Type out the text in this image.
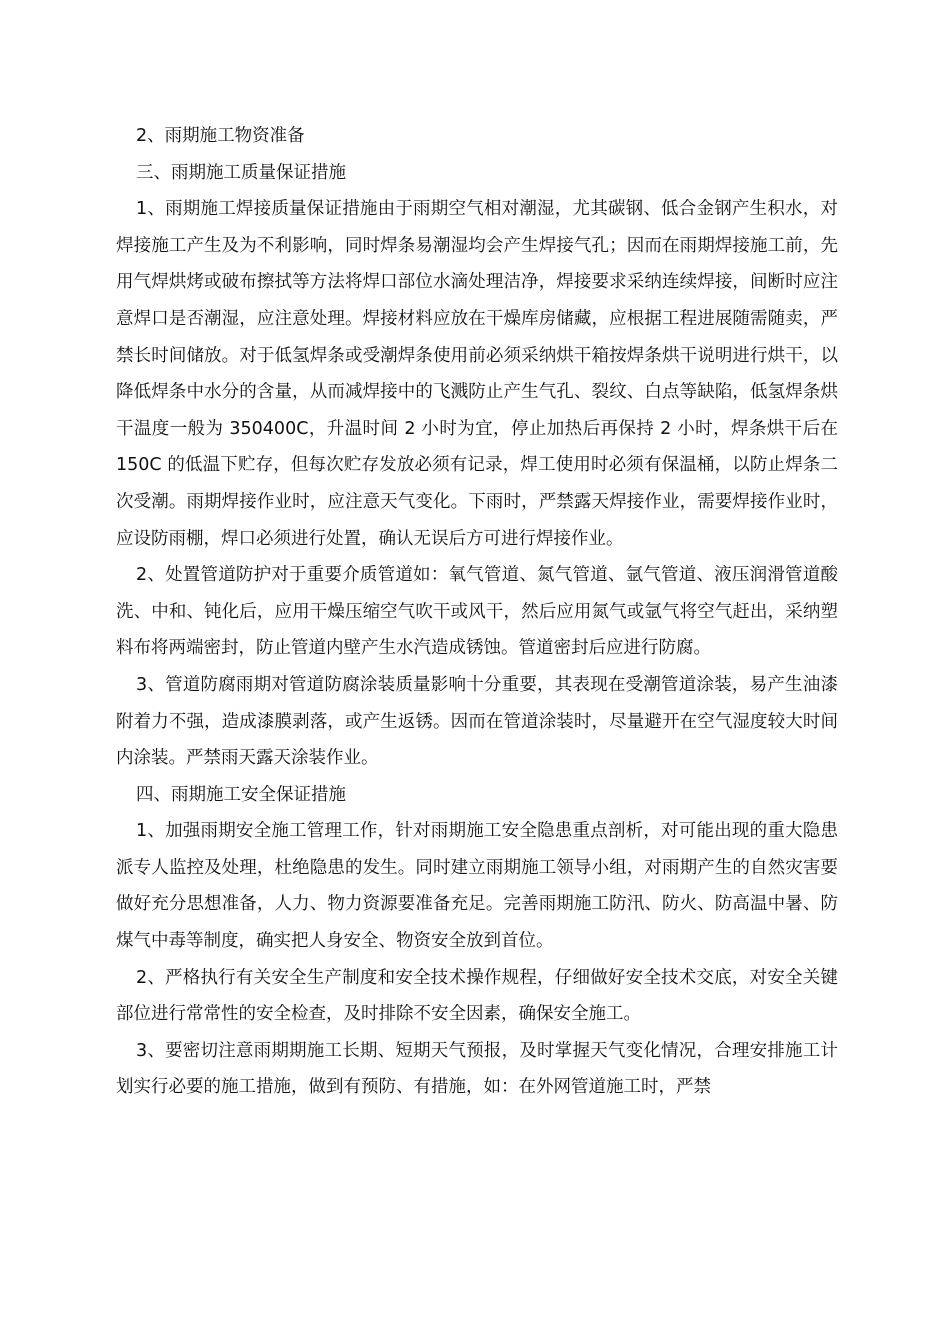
2、雨期施工物资准备

三、雨期施工质量保证措施

1、雨期施工焊接质量保证措施由于雨期空气相对潮湿，尤其碳钢、低合金钢产生积水，对焊接施工产生及为不利影响，同时焊条易潮湿均会产生焊接气孔；因而在雨期焊接施工前，先用气焊烘烤或破布擦拭等方法将焊口部位水滴处理洁净，焊接要求采纳连续焊接，间断时应注意焊口是否潮湿，应注意处理。焊接材料应放在干燥库房储藏，应根据工程进展随需随卖，严禁长时间储放。对于低氢焊条或受潮焊条使用前必须采纳烘干箱按焊条烘干说明进行烘干，以降低焊条中水分的含量，从而减焊接中的飞溅防止产生气孔、裂纹、白点等缺陷，低氢焊条烘干温度一般为 350400C，升温时间 2 小时为宜，停止加热后再保持 2 小时，焊条烘干后在 150C 的低温下贮存，但每次贮存发放必须有记录，焊工使用时必须有保温桶，以防止焊条二次受潮。雨期焊接作业时，应注意天气变化。下雨时，严禁露天焊接作业，需要焊接作业时，应设防雨棚，焊口必须进行处置，确认无误后方可进行焊接作业。

2、处置管道防护对于重要介质管道如：氧气管道、氮气管道、氩气管道、液压润滑管道酸洗、中和、钝化后，应用干燥压缩空气吹干或风干，然后应用氮气或氩气将空气赶出，采纳塑料布将两端密封，防止管道内壁产生水汽造成锈蚀。管道密封后应进行防腐。

3、管道防腐雨期对管道防腐涂装质量影响十分重要，其表现在受潮管道涂装，易产生油漆附着力不强，造成漆膜剥落，或产生返锈。因而在管道涂装时，尽量避开在空气湿度较大时间内涂装。严禁雨天露天涂装作业。

四、雨期施工安全保证措施

1、加强雨期安全施工管理工作，针对雨期施工安全隐患重点剖析，对可能出现的重大隐患派专人监控及处理，杜绝隐患的发生。同时建立雨期施工领导小组，对雨期产生的自然灾害要做好充分思想准备，人力、物力资源要准备充足。完善雨期施工防汛、防火、防高温中暑、防煤气中毒等制度，确实把人身安全、物资安全放到首位。

2、严格执行有关安全生产制度和安全技术操作规程，仔细做好安全技术交底，对安全关键部位进行常常性的安全检查，及时排除不安全因素，确保安全施工。

3、要密切注意雨期期施工长期、短期天气预报，及时掌握天气变化情况，合理安排施工计划实行必要的施工措施，做到有预防、有措施，如：在外网管道施工时，严禁
